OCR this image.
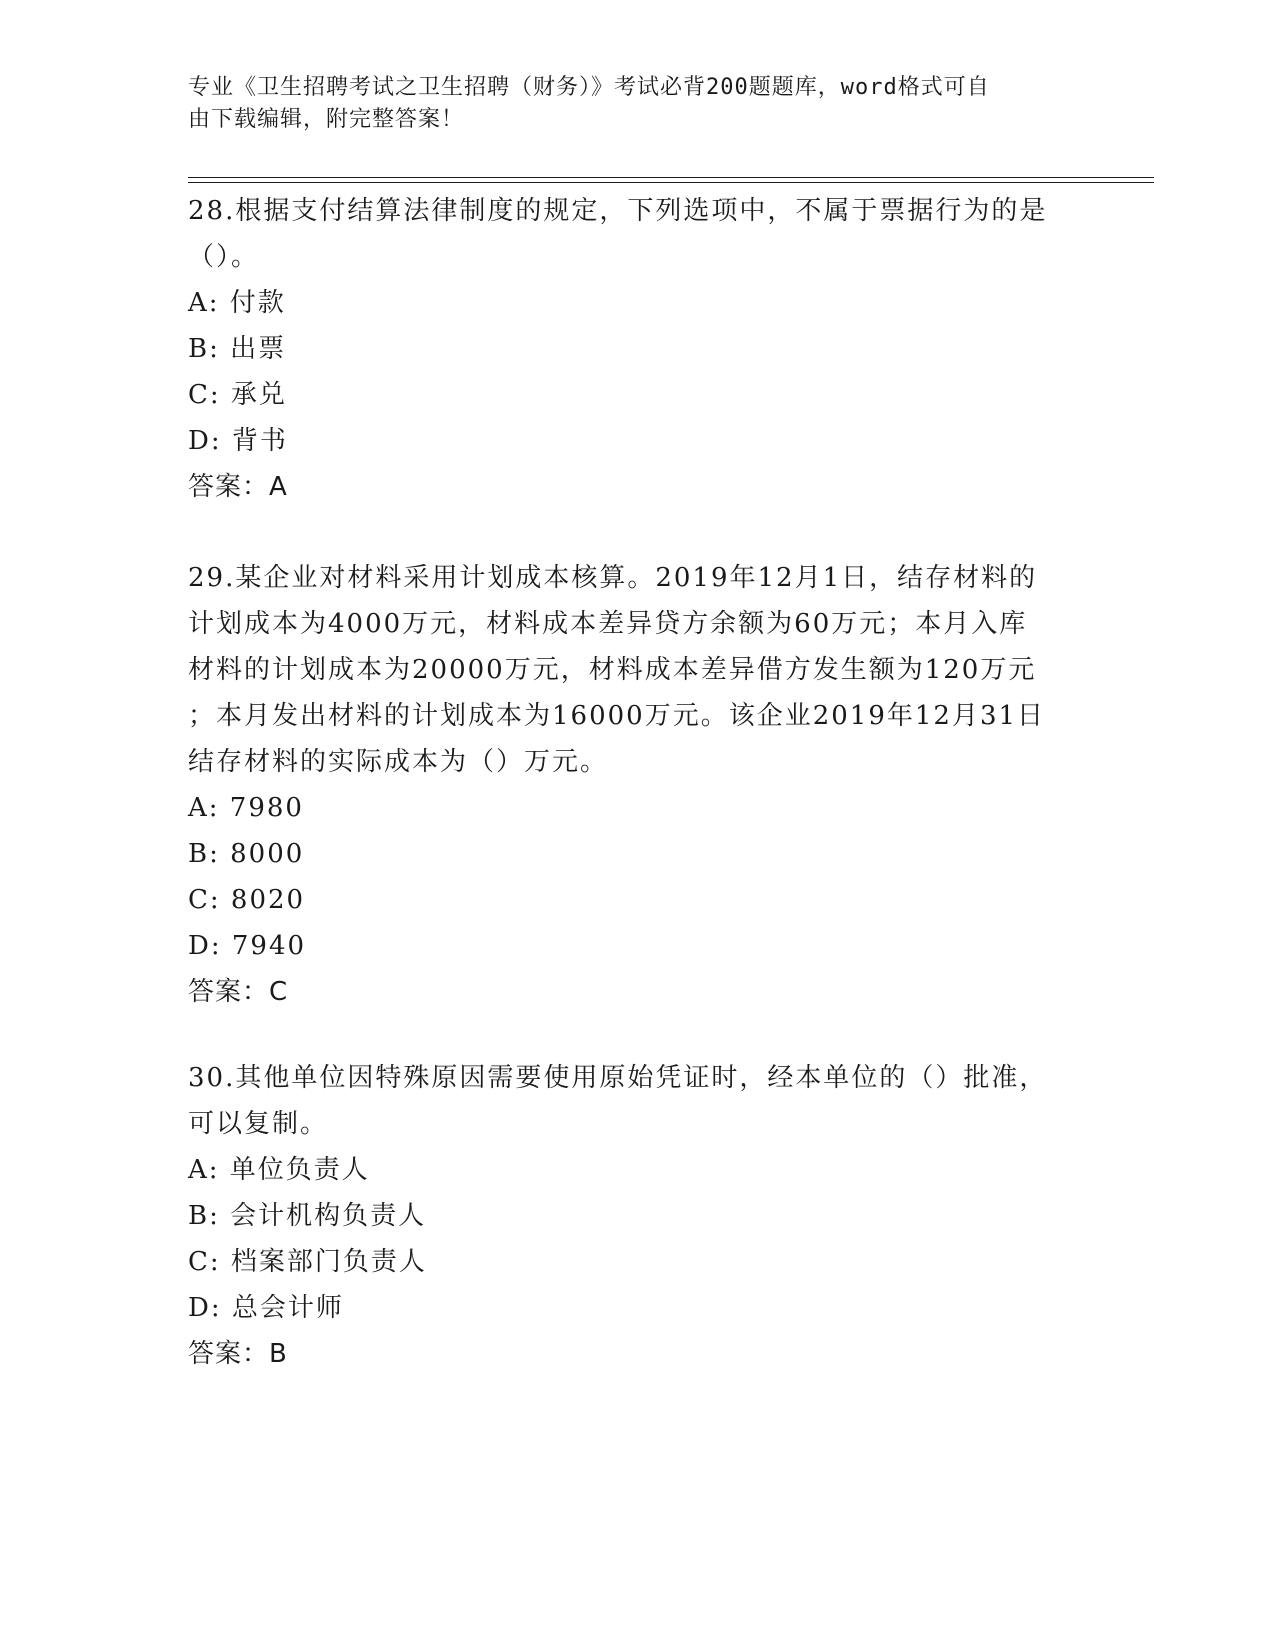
专业《卫生招聘考试之卫生招聘（财务）》考试必背200题题库，word格式可自
由下载编辑，附完整答案！

28.根据支付结算法律制度的规定，下列选项中，不属于票据行为的是

（）。

A: 付款

B: 出票

C: 承兑

D: 背书

答案：A

29.某企业对材料采用计划成本核算。2019年12月1日，结存材料的

计划成本为4000万元，材料成本差异贷方余额为60万元；本月入库

材料的计划成本为20000万元，材料成本差异借方发生额为120万元

；本月发出材料的计划成本为16000万元。该企业2019年12月31日

结存材料的实际成本为（）万元。

A: 7980

B: 8000

C: 8020

D: 7940

答案：C

30.其他单位因特殊原因需要使用原始凭证时，经本单位的（）批准，

可以复制。

A: 单位负责人

B: 会计机构负责人

C: 档案部门负责人

D: 总会计师

答案：B
